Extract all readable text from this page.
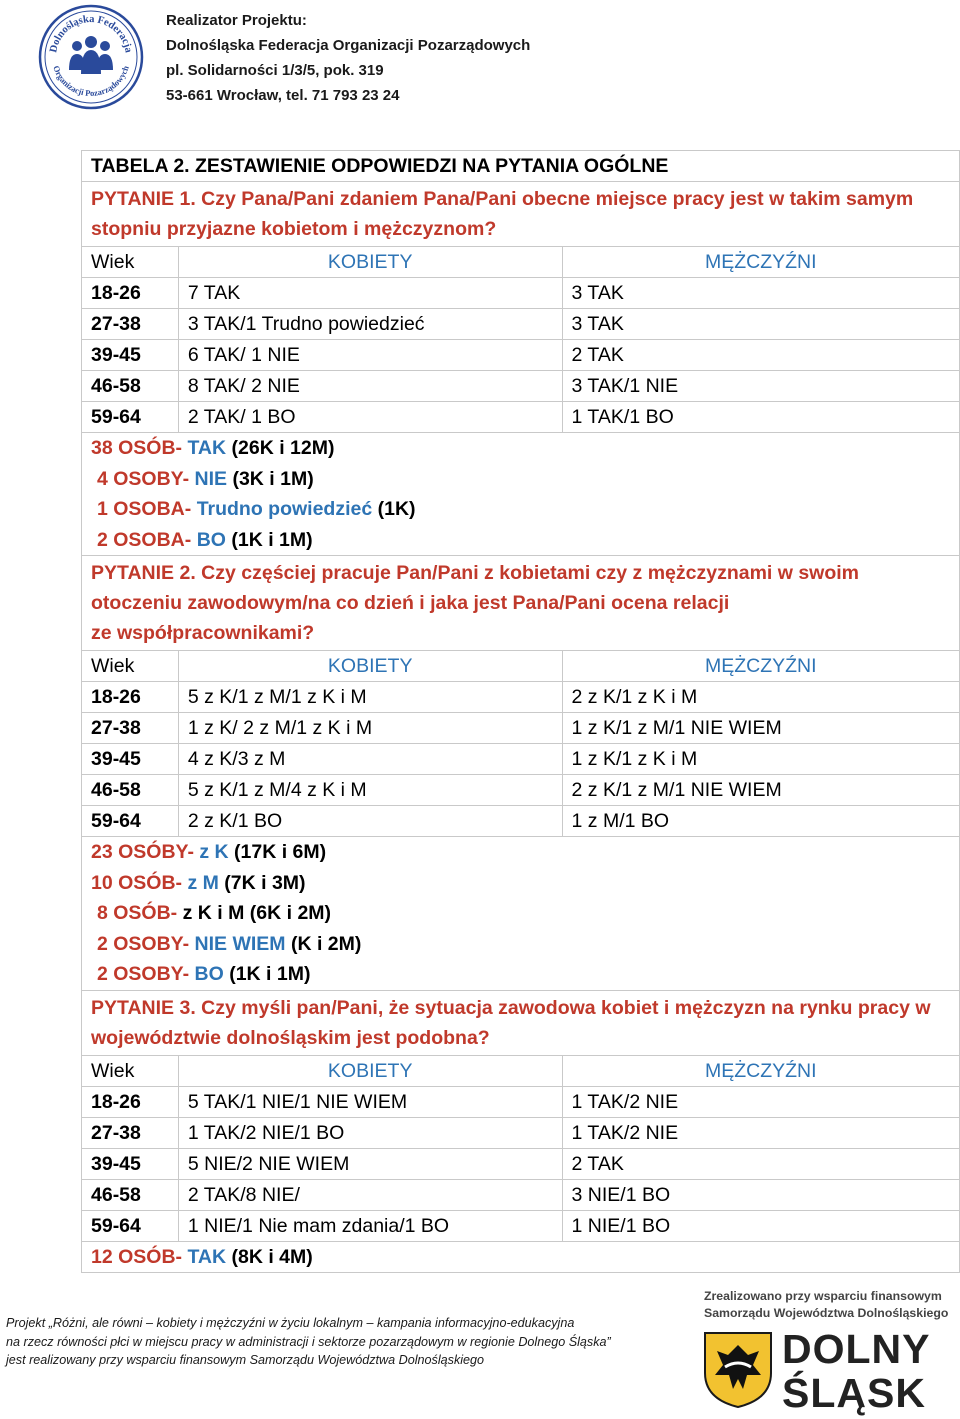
Dolnośląska Federacja
Organizacji Pozarządowych
Realizator Projektu:
Dolnośląska Federacja Organizacji Pozarządowych
pl. Solidarności 1/3/5, pok. 319
53-661 Wrocław, tel. 71 793 23 24
TABELA 2. ZESTAWIENIE ODPOWIEDZI NA PYTANIA OGÓLNE		
PYTANIE 1. Czy Pana/Pani zdaniem Pana/Pani obecne miejsce pracy jest w takim samym stopniu przyjazne kobietom i mężczyznom?		
Wiek	KOBIETY	MĘŻCZYŹNI
18-26	7 TAK	3 TAK
27-38	3 TAK/1 Trudno powiedzieć	3 TAK
39-45	6 TAK/ 1 NIE	2 TAK
46-58	8 TAK/ 2 NIE	3 TAK/1 NIE
59-64	2 TAK/ 1 BO	1 TAK/1 BO

38 OSÓB- TAK (26K i 12M)
4 OSOBY- NIE (3K i 1M)
1 OSOBA- Trudno powiedzieć (1K)
2 OSOBA- BO (1K i 1M)		

PYTANIE 2. Czy częściej pracuje Pan/Pani z kobietami czy z mężczyznami w swoim
otoczeniu zawodowym/na co dzień i jaka jest Pana/Pani ocena relacji
ze współpracownikami?		

Wiek	KOBIETY	MĘŻCZYŹNI
18-26	5 z K/1 z M/1 z K i M	2 z K/1 z K i M
27-38	1 z K/ 2 z M/1 z K i M	1 z K/1 z M/1 NIE WIEM
39-45	4 z K/3 z M	1 z K/1 z K i M
46-58	5 z K/1 z M/4 z K i M	2 z K/1 z M/1 NIE WIEM
59-64	2 z K/1 BO	1 z M/1 BO

23 OSÓBY- z K (17K i 6M)
10 OSÓB- z M (7K i 3M)
8 OSÓB- z K i M (6K i 2M)
2 OSOBY- NIE WIEM (K i 2M)
2 OSOBY- BO (1K i 1M)		

PYTANIE 3. Czy myśli pan/Pani, że sytuacja zawodowa kobiet i mężczyzn na rynku pracy w województwie dolnośląskim jest podobna?		
Wiek	KOBIETY	MĘŻCZYŹNI
18-26	5 TAK/1 NIE/1 NIE WIEM	1 TAK/2 NIE
27-38	1 TAK/2 NIE/1 BO	1 TAK/2 NIE
39-45	5 NIE/2 NIE WIEM	2 TAK
46-58	2 TAK/8 NIE/	3 NIE/1 BO
59-64	1 NIE/1 Nie mam zdania/1 BO	1 NIE/1 BO

12 OSÓB- TAK (8K i 4M)		
Projekt „Różni, ale równi – kobiety i mężczyźni w życiu lokalnym – kampania informacyjno-edukacyjna
na rzecz równości płci w miejscu pracy w administracji i sektorze pozarządowym w regionie Dolnego Śląska”
jest realizowany przy wsparciu finansowym Samorządu Województwa Dolnośląskiego
Zrealizowano przy wsparciu finansowym
Samorządu Województwa Dolnośląskiego
DOLNY
ŚLĄSK
